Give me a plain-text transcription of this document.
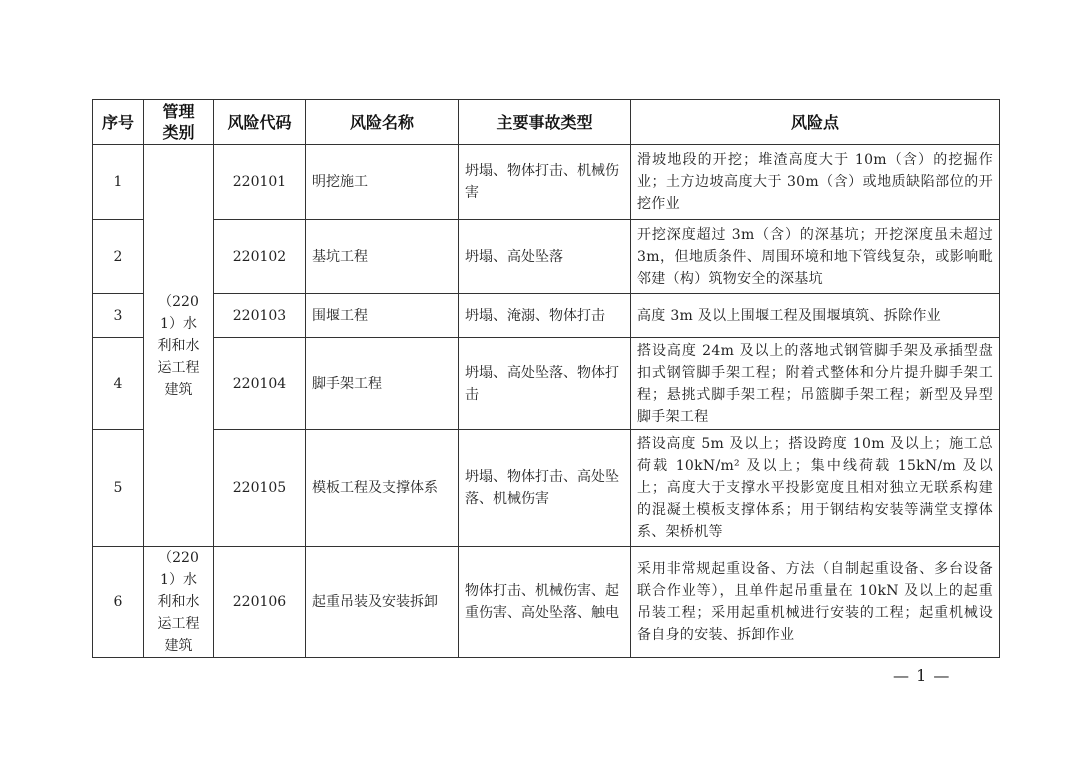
序号	管理类别	风险代码	风险名称	主要事故类型	风险点
1	（2201）水利和水运工程建筑	220101	明挖施工	坍塌、物体打击、机械伤害	滑坡地段的开挖；堆渣高度大于 10m（含）的挖掘作业；土方边坡高度大于 30m（含）或地质缺陷部位的开挖作业
2		220102	基坑工程	坍塌、高处坠落	开挖深度超过 3m（含）的深基坑；开挖深度虽未超过 3m，但地质条件、周围环境和地下管线复杂，或影响毗邻建（构）筑物安全的深基坑
3		220103	围堰工程	坍塌、淹溺、物体打击	高度 3m 及以上围堰工程及围堰填筑、拆除作业
4		220104	脚手架工程	坍塌、高处坠落、物体打击	搭设高度 24m 及以上的落地式钢管脚手架及承插型盘扣式钢管脚手架工程；附着式整体和分片提升脚手架工程；悬挑式脚手架工程；吊篮脚手架工程；新型及异型脚手架工程
5		220105	模板工程及支撑体系	坍塌、物体打击、高处坠落、机械伤害	搭设高度 5m 及以上；搭设跨度 10m 及以上；施工总荷载 10kN/m² 及以上；集中线荷载 15kN/m 及以上；高度大于支撑水平投影宽度且相对独立无联系构建的混凝土模板支撑体系；用于钢结构安装等满堂支撑体系、架桥机等
6	（2201）水利和水运工程建筑	220106	起重吊装及安装拆卸	物体打击、机械伤害、起重伤害、高处坠落、触电	采用非常规起重设备、方法（自制起重设备、多台设备联合作业等），且单件起吊重量在 10kN 及以上的起重吊装工程；采用起重机械进行安装的工程；起重机械设备自身的安装、拆卸作业
— 1 —
